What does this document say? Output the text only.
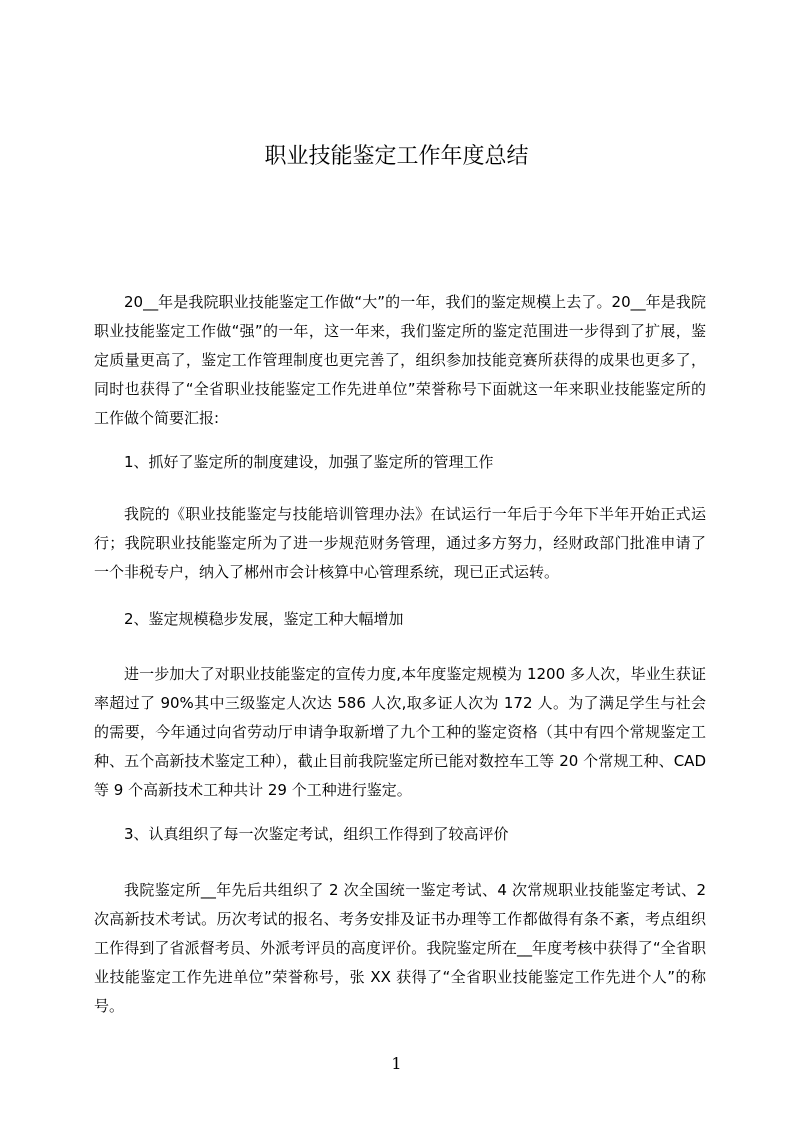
职业技能鉴定工作年度总结
20__年是我院职业技能鉴定工作做“大”的一年，我们的鉴定规模上去了。20__年是我院职业技能鉴定工作做“强”的一年，这一年来，我们鉴定所的鉴定范围进一步得到了扩展，鉴定质量更高了，鉴定工作管理制度也更完善了，组织参加技能竞赛所获得的成果也更多了，同时也获得了“全省职业技能鉴定工作先进单位”荣誉称号下面就这一年来职业技能鉴定所的工作做个简要汇报:
1、抓好了鉴定所的制度建设，加强了鉴定所的管理工作
我院的《职业技能鉴定与技能培训管理办法》在试运行一年后于今年下半年开始正式运行；我院职业技能鉴定所为了进一步规范财务管理，通过多方努力，经财政部门批准申请了一个非税专户，纳入了郴州市会计核算中心管理系统，现已正式运转。
2、鉴定规模稳步发展，鉴定工种大幅增加
进一步加大了对职业技能鉴定的宣传力度,本年度鉴定规模为 1200 多人次，毕业生获证率超过了 90%其中三级鉴定人次达 586 人次,取多证人次为 172 人。为了满足学生与社会的需要，今年通过向省劳动厅申请争取新增了九个工种的鉴定资格（其中有四个常规鉴定工种、五个高新技术鉴定工种），截止目前我院鉴定所已能对数控车工等 20 个常规工种、CAD 等 9 个高新技术工种共计 29 个工种进行鉴定。
3、认真组织了每一次鉴定考试，组织工作得到了较高评价
我院鉴定所__年先后共组织了 2 次全国统一鉴定考试、4 次常规职业技能鉴定考试、2 次高新技术考试。历次考试的报名、考务安排及证书办理等工作都做得有条不紊，考点组织工作得到了省派督考员、外派考评员的高度评价。我院鉴定所在__年度考核中获得了“全省职业技能鉴定工作先进单位”荣誉称号，张 XX 获得了“全省职业技能鉴定工作先进个人”的称号。
1
